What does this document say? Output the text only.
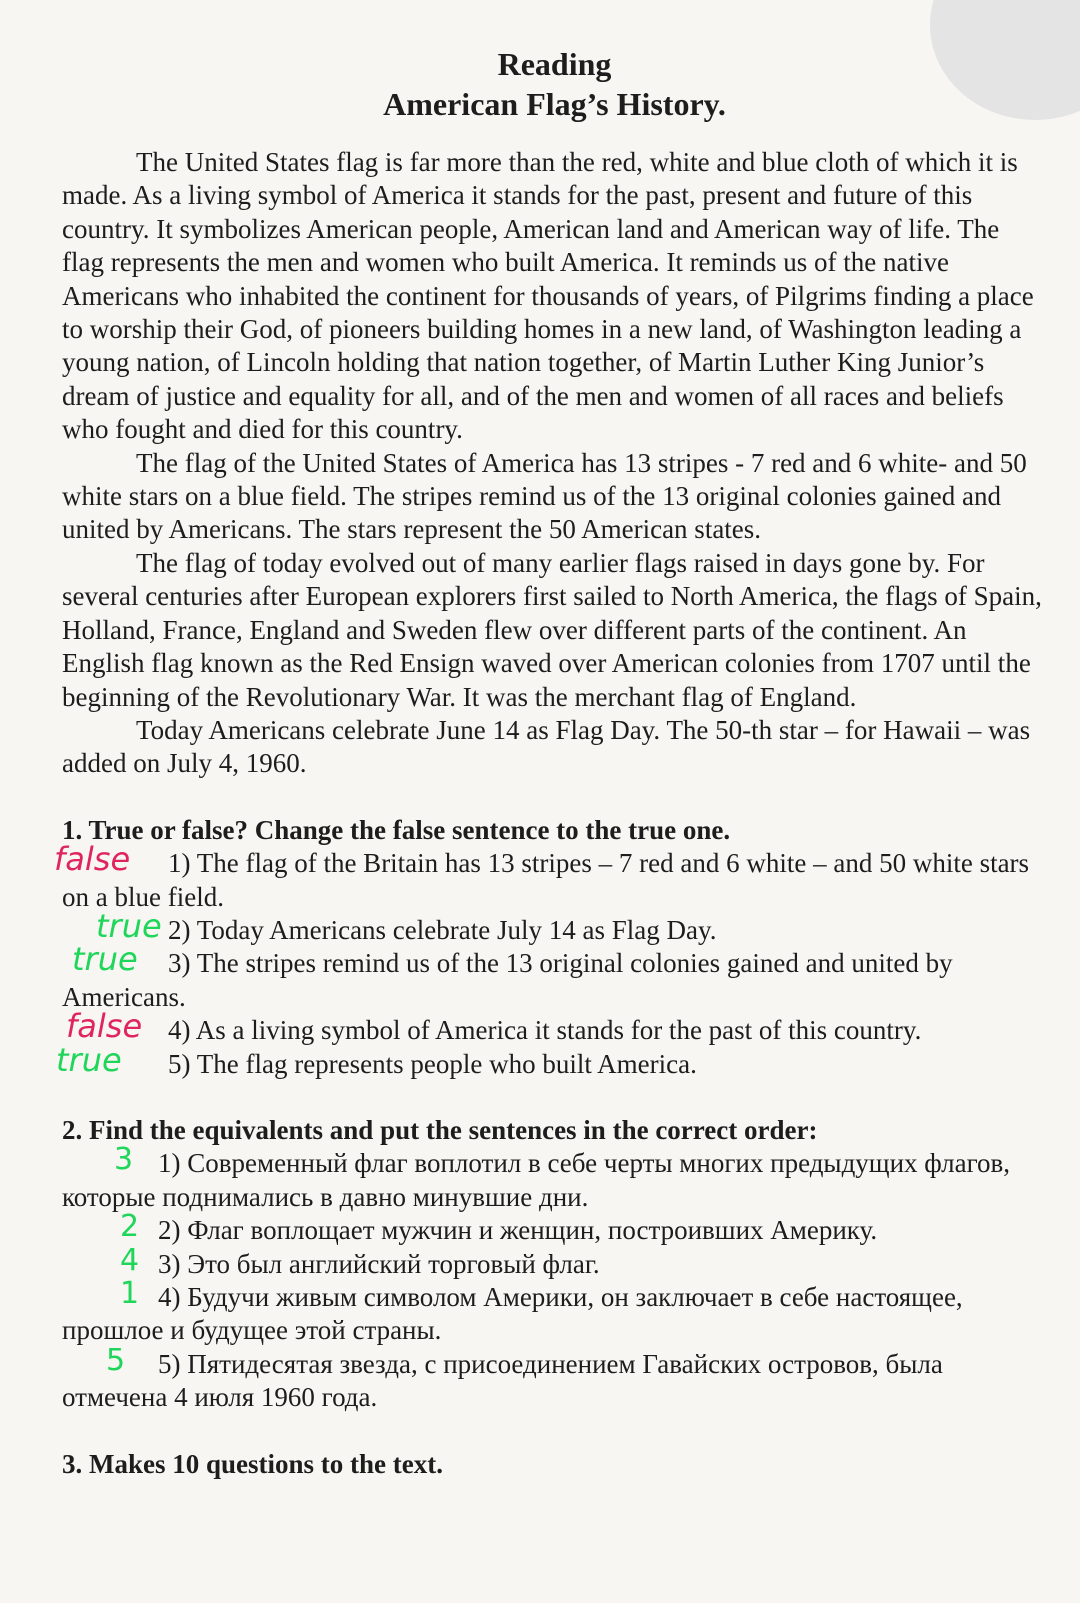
Reading

American Flag’s History.

The United States flag is far more than the red, white and blue cloth of which it is made. As a living symbol of America it stands for the past, present and future of this country. It symbolizes American people, American land and American way of life. The flag represents the men and women who built America. It reminds us of the native Americans who inhabited the continent for thousands of years, of Pilgrims finding a place to worship their God, of pioneers building homes in a new land, of Washington leading a young nation, of Lincoln holding that nation together, of Martin Luther King Junior’s dream of justice and equality for all, and of the men and women of all races and beliefs who fought and died for this country.

The flag of the United States of America has 13 stripes - 7 red and 6 white- and 50 white stars on a blue field. The stripes remind us of the 13 original colonies gained and united by Americans. The stars represent the 50 American states.

The flag of today evolved out of many earlier flags raised in days gone by. For several centuries after European explorers first sailed to North America, the flags of Spain, Holland, France, England and Sweden flew over different parts of the continent. An English flag known as the Red Ensign waved over American colonies from 1707 until the beginning of the Revolutionary War. It was the merchant flag of England.

Today Americans celebrate June 14 as Flag Day. The 50-th star – for Hawaii – was added on July 4, 1960.

1. True or false? Change the false sentence to the true one.

false 1) The flag of the Britain has 13 stripes – 7 red and 6 white – and 50 white stars on a blue field.

true 2) Today Americans celebrate July 14 as Flag Day.

true 3) The stripes remind us of the 13 original colonies gained and united by Americans.

false 4) As a living symbol of America it stands for the past of this country.

true 5) The flag represents people who built America.

2. Find the equivalents and put the sentences in the correct order:

3 1) Современный флаг воплотил в себе черты многих предыдущих флагов, которые поднимались в давно минувшие дни.

2 2) Флаг воплощает мужчин и женщин, построивших Америку.

4 3) Это был английский торговый флаг.

1 4) Будучи живым символом Америки, он заключает в себе настоящее, прошлое и будущее этой страны.

5 5) Пятидесятая звезда, с присоединением Гавайских островов, была отмечена 4 июля 1960 года.

3. Makes 10 questions to the text.
